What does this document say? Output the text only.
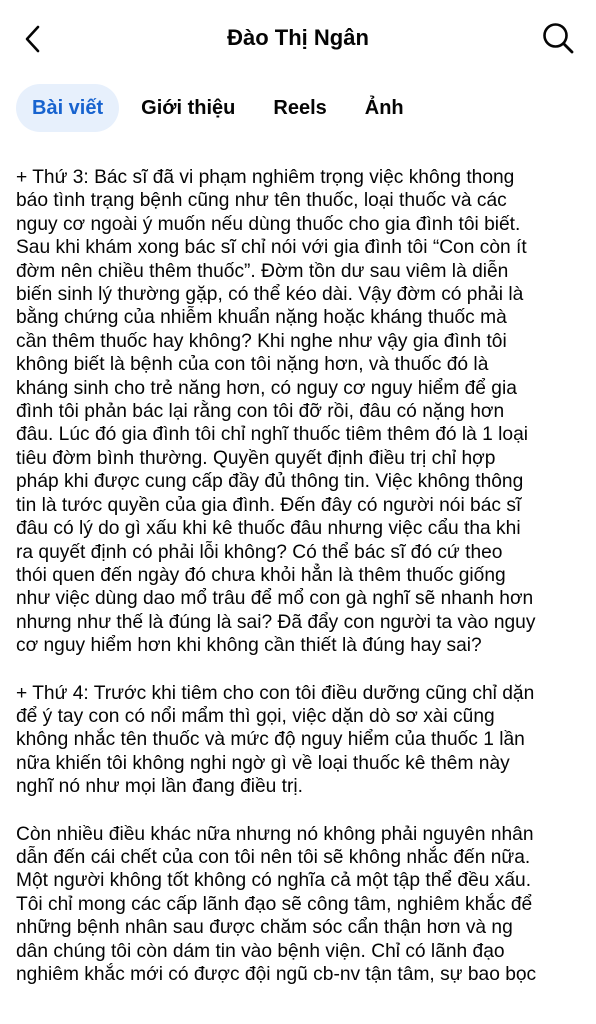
Đào Thị Ngân
Bài viết	Giới thiệu	Reels	Ảnh

+ Thứ 3: Bác sĩ đã vi phạm nghiêm trọng việc không thong
báo tình trạng bệnh cũng như tên thuốc, loại thuốc và các
nguy cơ ngoài ý muốn nếu dùng thuốc cho gia đình tôi biết.
Sau khi khám xong bác sĩ chỉ nói với gia đình tôi “Con còn ít
đờm nên chiều thêm thuốc”. Đờm tồn dư sau viêm là diễn
biến sinh lý thường gặp, có thể kéo dài. Vậy đờm có phải là
bằng chứng của nhiễm khuẩn nặng hoặc kháng thuốc mà
cần thêm thuốc hay không? Khi nghe như vậy gia đình tôi
không biết là bệnh của con tôi nặng hơn, và thuốc đó là
kháng sinh cho trẻ năng hơn, có nguy cơ nguy hiểm để gia
đình tôi phản bác lại rằng con tôi đỡ rồi, đâu có nặng hơn
đâu. Lúc đó gia đình tôi chỉ nghĩ thuốc tiêm thêm đó là 1 loại
tiêu đờm bình thường. Quyền quyết định điều trị chỉ hợp
pháp khi được cung cấp đầy đủ thông tin. Việc không thông
tin là tước quyền của gia đình. Đến đây có người nói bác sĩ
đâu có lý do gì xấu khi kê thuốc đâu nhưng việc cẩu tha khi
ra quyết định có phải lỗi không? Có thể bác sĩ đó cứ theo
thói quen đến ngày đó chưa khỏi hẳn là thêm thuốc giống
như việc dùng dao mổ trâu để mổ con gà nghĩ sẽ nhanh hơn
nhưng như thế là đúng là sai? Đã đẩy con người ta vào nguy
cơ nguy hiểm hơn khi không cần thiết là đúng hay sai?

+ Thứ 4: Trước khi tiêm cho con tôi điều dưỡng cũng chỉ dặn
để ý tay con có nổi mẩm thì gọi, việc dặn dò sơ xài cũng
không nhắc tên thuốc và mức độ nguy hiểm của thuốc 1 lần
nữa khiến tôi không nghi ngờ gì về loại thuốc kê thêm này
nghĩ nó như mọi lần đang điều trị.

Còn nhiều điều khác nữa nhưng nó không phải nguyên nhân
dẫn đến cái chết của con tôi nên tôi sẽ không nhắc đến nữa.
Một người không tốt không có nghĩa cả một tập thể đều xấu.
Tôi chỉ mong các cấp lãnh đạo sẽ công tâm, nghiêm khắc để
những bệnh nhân sau được chăm sóc cẩn thận hơn và ng
dân chúng tôi còn dám tin vào bệnh viện. Chỉ có lãnh đạo
nghiêm khắc mới có được đội ngũ cb-nv tận tâm, sự bao bọc
